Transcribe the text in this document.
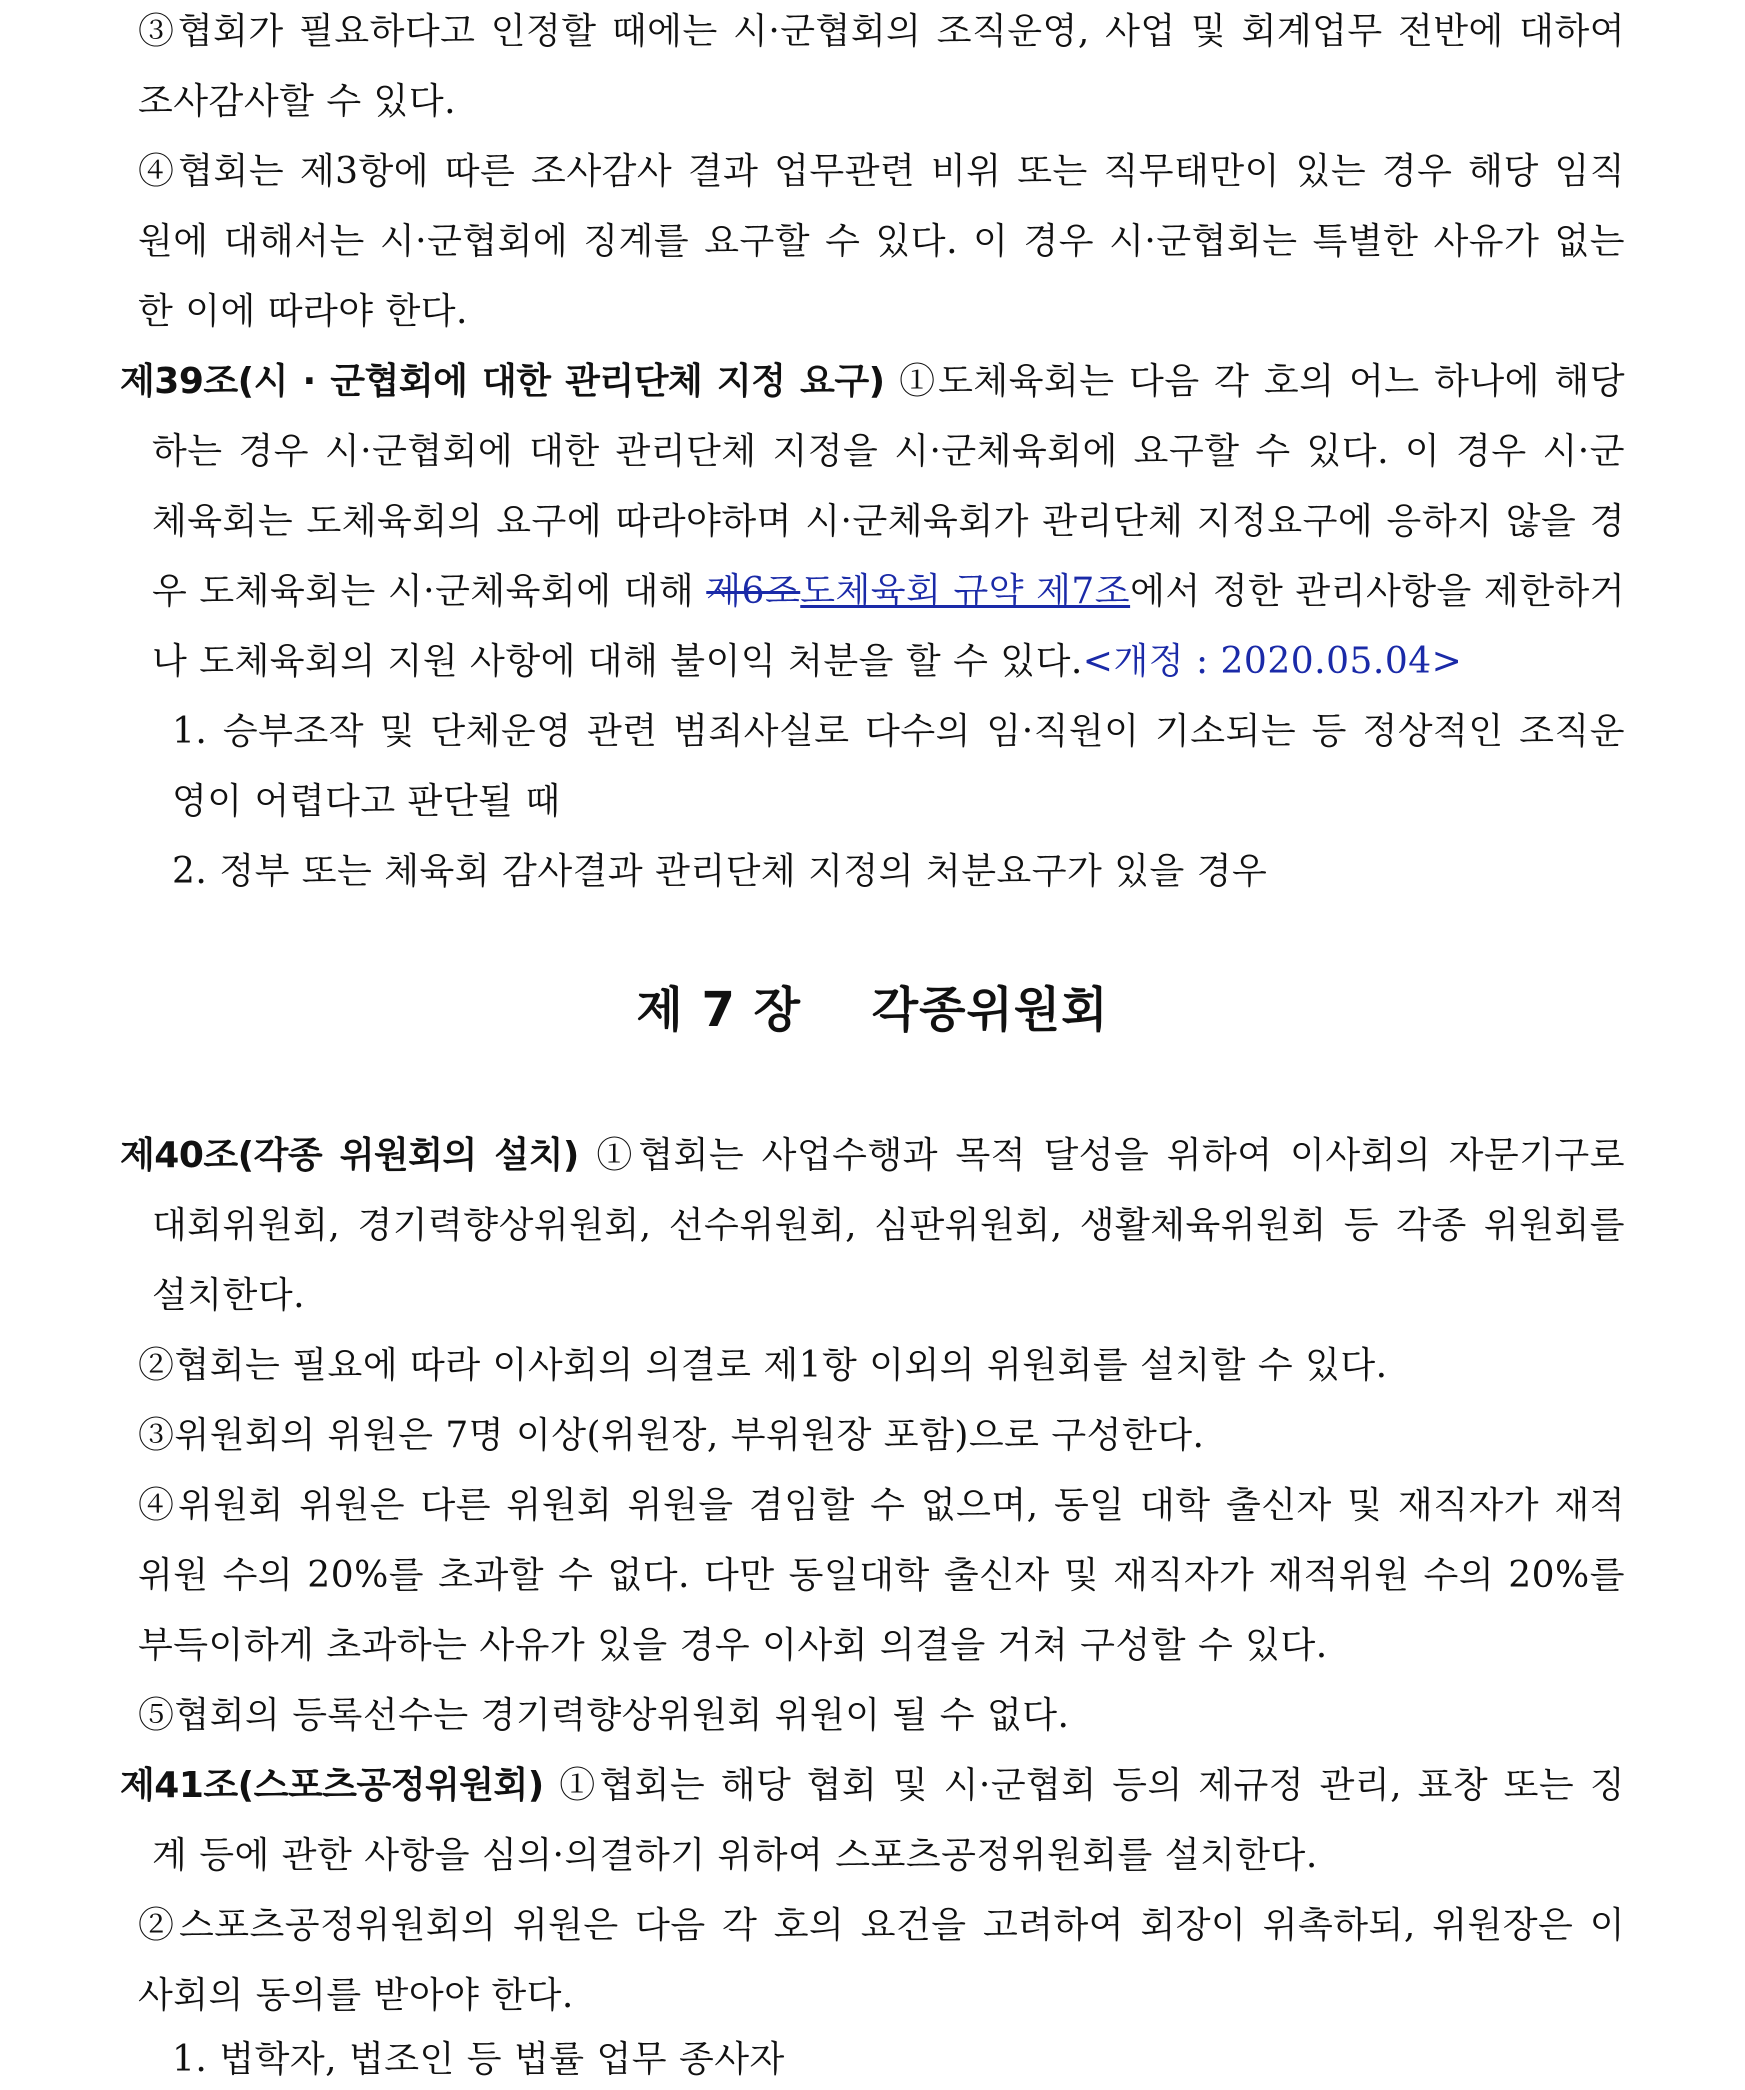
③협회가 필요하다고 인정할 때에는 시·군협회의 조직운영, 사업 및 회계업무 전반에 대하여
조사감사할 수 있다.
④협회는 제3항에 따른 조사감사 결과 업무관련 비위 또는 직무태만이 있는 경우 해당 임직
원에 대해서는 시·군협회에 징계를 요구할 수 있다. 이 경우 시·군협회는 특별한 사유가 없는
한 이에 따라야 한다.
제39조(시 · 군협회에 대한 관리단체 지정 요구) ①도체육회는 다음 각 호의 어느 하나에 해당
하는 경우 시·군협회에 대한 관리단체 지정을 시·군체육회에 요구할 수 있다. 이 경우 시·군
체육회는 도체육회의 요구에 따라야하며 시·군체육회가 관리단체 지정요구에 응하지 않을 경
우 도체육회는 시·군체육회에 대해 제6조도체육회 규약 제7조에서 정한 관리사항을 제한하거
나 도체육회의 지원 사항에 대해 불이익 처분을 할 수 있다.<개정 : 2020.05.04>
1. 승부조작 및 단체운영 관련 범죄사실로 다수의 임·직원이 기소되는 등 정상적인 조직운
영이 어렵다고 판단될 때
2. 정부 또는 체육회 감사결과 관리단체 지정의 처분요구가 있을 경우
제 7 장    각종위원회
제40조(각종 위원회의 설치) ①협회는 사업수행과 목적 달성을 위하여 이사회의 자문기구로
대회위원회, 경기력향상위원회, 선수위원회, 심판위원회, 생활체육위원회 등 각종 위원회를
설치한다.
②협회는 필요에 따라 이사회의 의결로 제1항 이외의 위원회를 설치할 수 있다.
③위원회의 위원은 7명 이상(위원장, 부위원장 포함)으로 구성한다.
④위원회 위원은 다른 위원회 위원을 겸임할 수 없으며, 동일 대학 출신자 및 재직자가 재적
위원 수의 20%를 초과할 수 없다. 다만 동일대학 출신자 및 재직자가 재적위원 수의 20%를
부득이하게 초과하는 사유가 있을 경우 이사회 의결을 거쳐 구성할 수 있다.
⑤협회의 등록선수는 경기력향상위원회 위원이 될 수 없다.
제41조(스포츠공정위원회) ①협회는 해당 협회 및 시·군협회 등의 제규정 관리, 표창 또는 징
계 등에 관한 사항을 심의·의결하기 위하여 스포츠공정위원회를 설치한다.
②스포츠공정위원회의 위원은 다음 각 호의 요건을 고려하여 회장이 위촉하되, 위원장은 이
사회의 동의를 받아야 한다.
1. 법학자, 법조인 등 법률 업무 종사자
